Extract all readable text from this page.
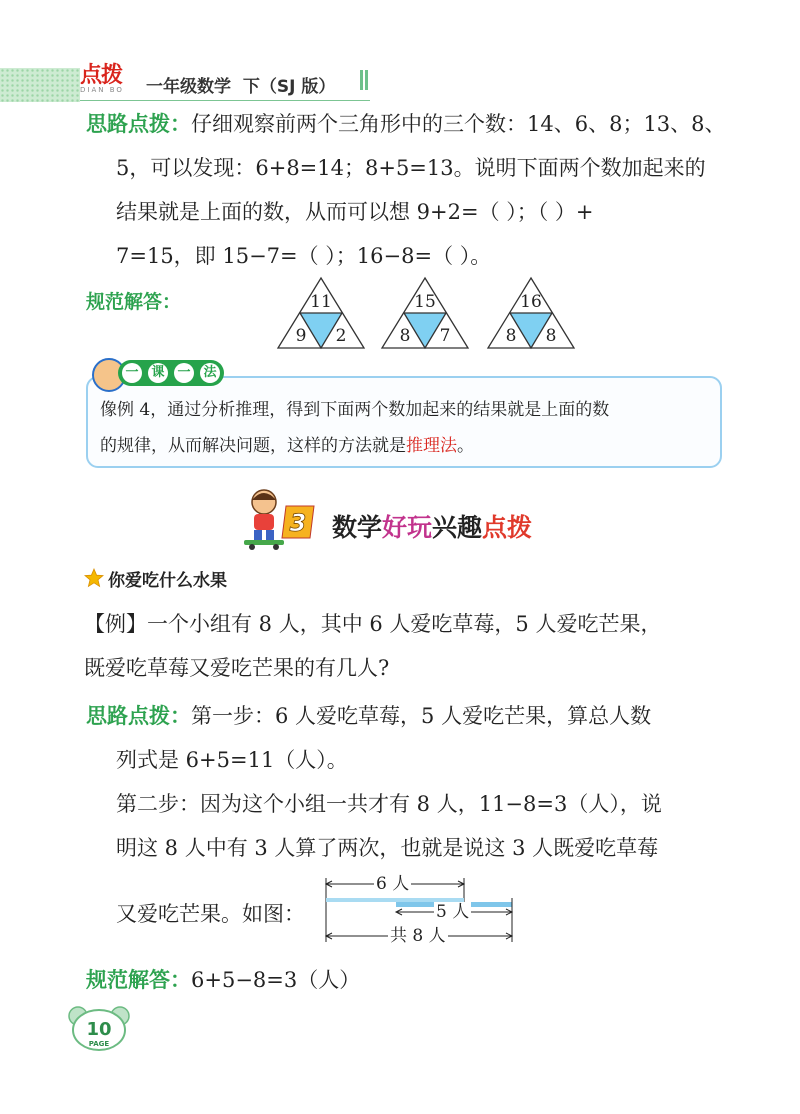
点拨
DIAN BO	一年级数学  下（SJ 版）
思路点拨：仔细观察前两个三角形中的三个数：14、6、8；13、8、
5，可以发现：6+8=14；8+5=13。说明下面两个数加起来的
结果就是上面的数，从而可以想 9+2=（ ）；（ ）+
7=15，即 15−7=（ ）；16−8=（ ）。
规范解答：	11
9	2
15
8	7
16
8	8
一 课 一 法
像例 4，通过分析推理，得到下面两个数加起来的结果就是上面的数
的规律，从而解决问题，这样的方法就是推理法。
3	数学好玩兴趣点拨
你爱吃什么水果
【例】一个小组有 8 人，其中 6 人爱吃草莓，5 人爱吃芒果，
既爱吃草莓又爱吃芒果的有几人?
思路点拨：第一步：6 人爱吃草莓，5 人爱吃芒果，算总人数
列式是 6+5=11（人）。
第二步：因为这个小组一共才有 8 人，11−8=3（人），说
明这 8 人中有 3 人算了两次，也就是说这 3 人既爱吃草莓
又爱吃芒果。如图：
6 人
5 人
共 8 人
规范解答：6+5−8=3（人）
10
PAGE
